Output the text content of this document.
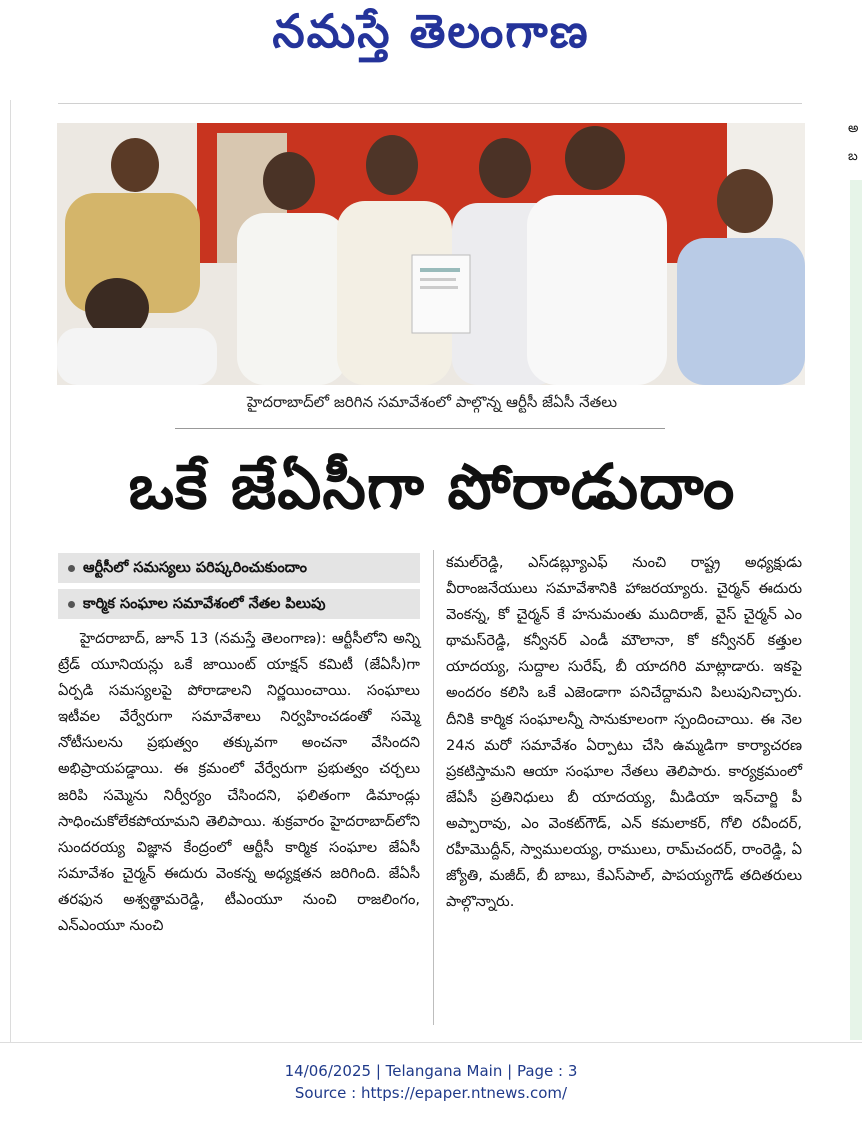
నమస్తే తెలంగాణ
అ
బ
హైదరాబాద్‌లో జరిగిన సమావేశంలో పాల్గొన్న ఆర్టీసీ జేఏసీ నేతలు
ఒకే జేఏసీగా పోరాడుదాం
ఆర్టీసీలో సమస్యలు పరిష్కరించుకుందాం
కార్మిక సంఘాల సమావేశంలో నేతల పిలుపు

హైదరాబాద్, జూన్ 13 (నమస్తే తెలంగాణ): ఆర్టీసీలోని అన్ని ట్రేడ్ యూనియన్లు ఒకే జాయింట్ యాక్షన్ కమిటీ (జేఏసీ)గా ఏర్పడి సమస్యలపై పోరాడాలని నిర్ణయించాయి. సంఘాలు ఇటీవల వేర్వేరుగా సమావేశాలు నిర్వహించడంతో సమ్మె నోటీసులను ప్రభుత్వం తక్కువగా అంచనా వేసిందని అభిప్రాయపడ్డాయి. ఈ క్రమంలో వేర్వేరుగా ప్రభుత్వం చర్చలు జరిపి సమ్మెను నిర్వీర్యం చేసిందని, ఫలితంగా డిమాండ్లు సాధించుకోలేకపోయామని తెలిపాయి. శుక్రవారం హైదరాబాద్‌లోని సుందరయ్య విజ్ఞాన కేంద్రంలో ఆర్టీసీ కార్మిక సంఘాల జేఏసీ సమావేశం చైర్మన్ ఈదురు వెంకన్న అధ్యక్షతన జరిగింది. జేఏసీ తరఫున అశ్వత్థామరెడ్డి, టీఎంయూ నుంచి రాజలింగం, ఎన్ఎంయూ నుంచి

కమల్‌రెడ్డి, ఎస్‌డబ్ల్యూఎఫ్ నుంచి రాష్ట్ర అధ్యక్షుడు వీరాంజనేయులు సమావేశానికి హాజరయ్యారు. చైర్మన్ ఈదురు వెంకన్న, కో చైర్మన్ కే హనుమంతు ముదిరాజ్, వైస్ చైర్మన్ ఎం థామస్‌రెడ్డి, కన్వీనర్ ఎండీ మౌలానా, కో కన్వీనర్ కత్తుల యాదయ్య, సుద్దాల సురేష్, బీ యాదగిరి మాట్లాడారు. ఇకపై అందరం కలిసి ఒకే ఎజెండాగా పనిచేద్దామని పిలుపునిచ్చారు. దీనికి కార్మిక సంఘాలన్నీ సానుకూలంగా స్పందించాయి. ఈ నెల 24న మరో సమావేశం ఏర్పాటు చేసి ఉమ్మడిగా కార్యాచరణ ప్రకటిస్తామని ఆయా సంఘాల నేతలు తెలిపారు. కార్యక్రమంలో జేఏసీ ప్రతినిధులు బీ యాదయ్య, మీడియా ఇన్‌చార్జి పీ అప్పారావు, ఎం వెంకట్‌గౌడ్, ఎన్ కమలాకర్, గోలి రవీందర్, రహీమొద్దీన్, స్వాములయ్య, రాములు, రామ్‌చందర్, రాంరెడ్డి, ఏ జ్యోతి, మజీద్, బీ బాబు, కేఎస్‌పాల్, పాపయ్యగౌడ్ తదితరులు పాల్గొన్నారు.

14/06/2025 | Telangana Main | Page : 3
Source : https://epaper.ntnews.com/
